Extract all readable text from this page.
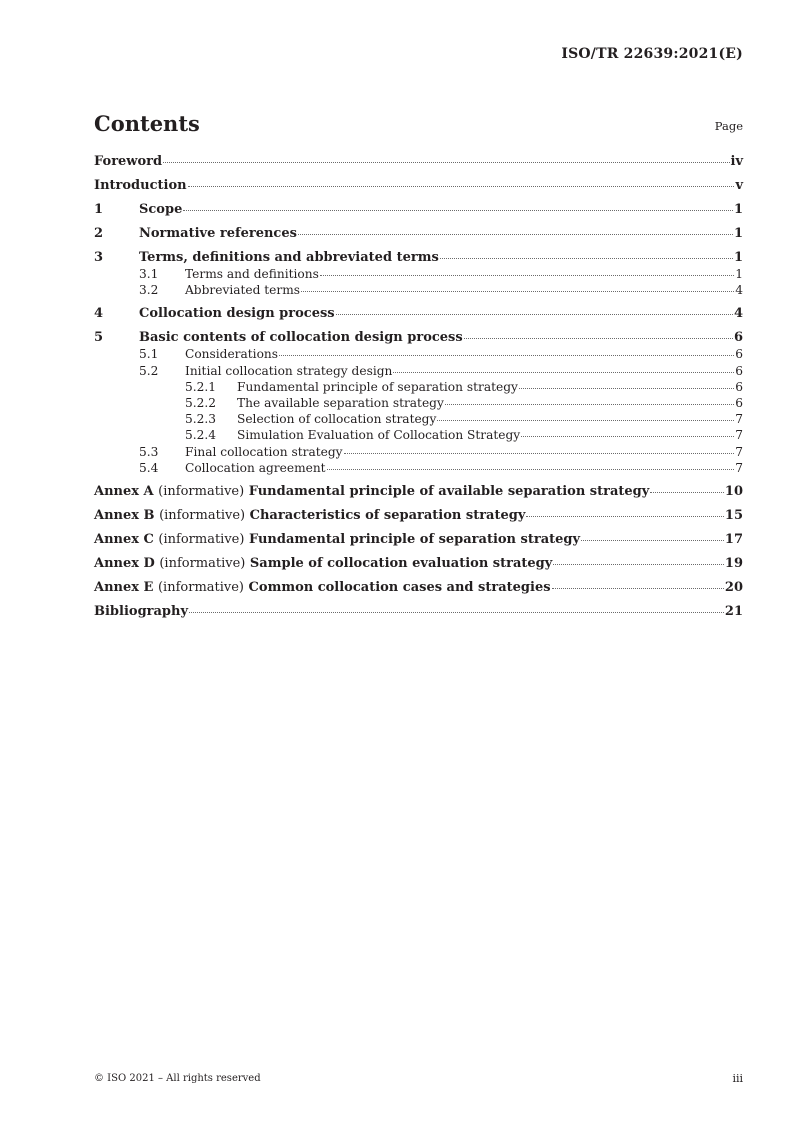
ISO/TR 22639:2021(E)
Contents	Page
Foreword	iv
Introduction	v
1	Scope	1
2	Normative references	1
3	Terms, definitions and abbreviated terms	1
3.1	Terms and definitions	1
3.2	Abbreviated terms	4
4	Collocation design process	4
5	Basic contents of collocation design process	6
5.1	Considerations	6
5.2	Initial collocation strategy design	6
5.2.1	Fundamental principle of separation strategy	6
5.2.2	The available separation strategy	6
5.2.3	Selection of collocation strategy	7
5.2.4	Simulation Evaluation of Collocation Strategy	7
5.3	Final collocation strategy	7
5.4	Collocation agreement	7
Annex A (informative) Fundamental principle of available separation strategy	10
Annex B (informative) Characteristics of separation strategy	15
Annex C (informative) Fundamental principle of separation strategy	17
Annex D (informative) Sample of collocation evaluation strategy	19
Annex E (informative) Common collocation cases and strategies	20
Bibliography	21
© ISO 2021 – All rights reserved	iii
